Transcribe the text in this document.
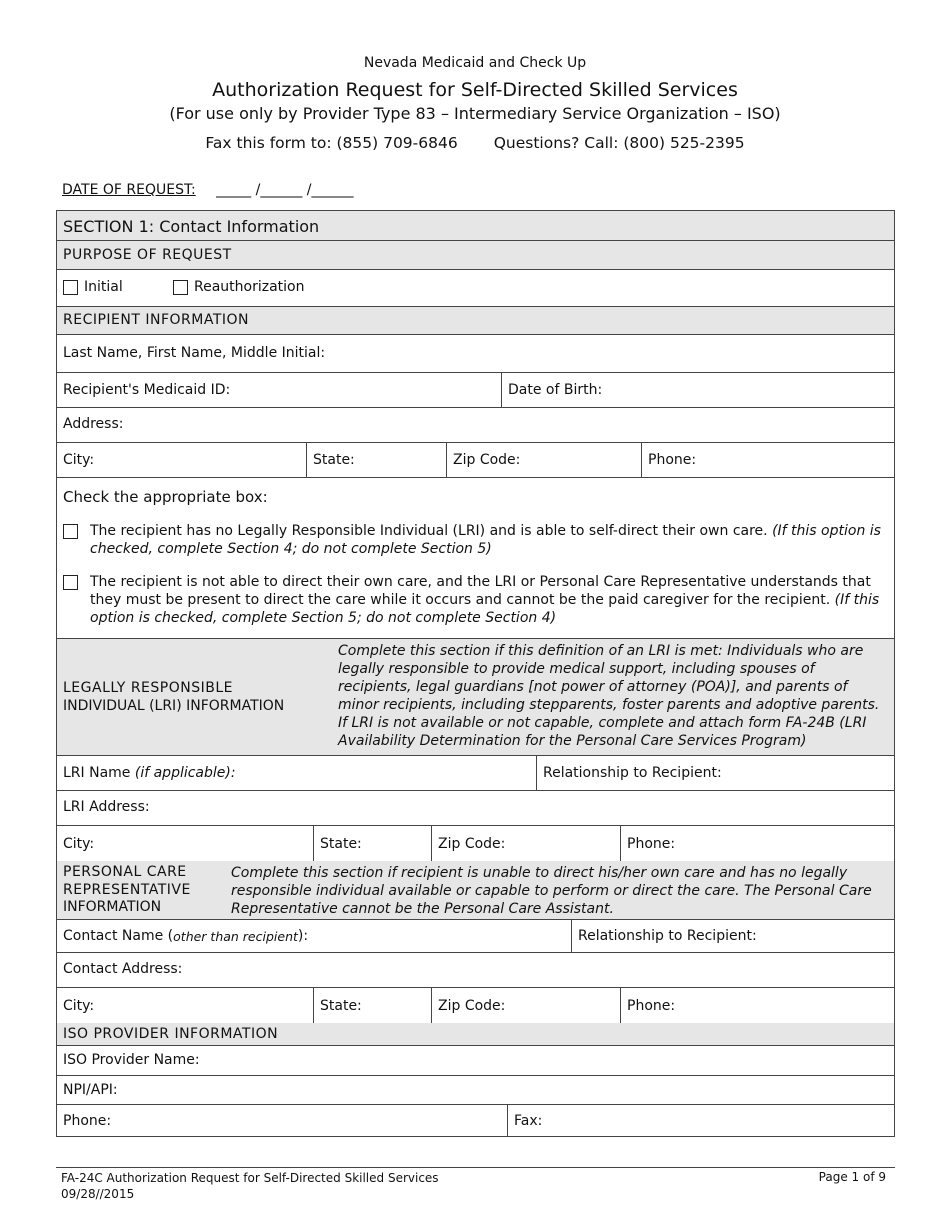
Nevada Medicaid and Check Up
Authorization Request for Self-Directed Skilled Services
(For use only by Provider Type 83 – Intermediary Service Organization – ISO)
Fax this form to: (855) 709-6846 Questions? Call: (800) 525-2395
DATE OF REQUEST: _____ /______ /______
SECTION 1: Contact Information
PURPOSE OF REQUEST
Initial	Reauthorization
RECIPIENT INFORMATION
Last Name, First Name, Middle Initial:
Recipient's Medicaid ID:	Date of Birth:
Address:
City:	State:	Zip Code:	Phone:
Check the appropriate box:
The recipient has no Legally Responsible Individual (LRI) and is able to self-direct their own care. (If this option is checked, complete Section 4; do not complete Section 5)
The recipient is not able to direct their own care, and the LRI or Personal Care Representative understands that they must be present to direct the care while it occurs and cannot be the paid caregiver for the recipient. (If this option is checked, complete Section 5; do not complete Section 4)
LEGALLY RESPONSIBLE
INDIVIDUAL (LRI) INFORMATION
Complete this section if this definition of an LRI is met: Individuals who are legally responsible to provide medical support, including spouses of recipients, legal guardians [not power of attorney (POA)], and parents of minor recipients, including stepparents, foster parents and adoptive parents.
If LRI is not available or not capable, complete and attach form FA-24B (LRI Availability Determination for the Personal Care Services Program)
LRI Name
(if applicable):	Relationship to Recipient:
LRI Address:
City:	State:	Zip Code:	Phone:
PERSONAL CARE
REPRESENTATIVE
INFORMATION
Complete this section if recipient is unable to direct his/her own care and has no legally responsible individual available or capable to perform or direct the care. The Personal Care Representative cannot be the Personal Care Assistant.
Contact Name ( other than recipient ):	Relationship to Recipient:
Contact Address:
City:	State:	Zip Code:	Phone:
ISO PROVIDER INFORMATION
ISO Provider Name:
NPI/API:
Phone:	Fax:
FA-24C Authorization Request for Self-Directed Skilled Services
09/28//2015
Page 1 of 9
